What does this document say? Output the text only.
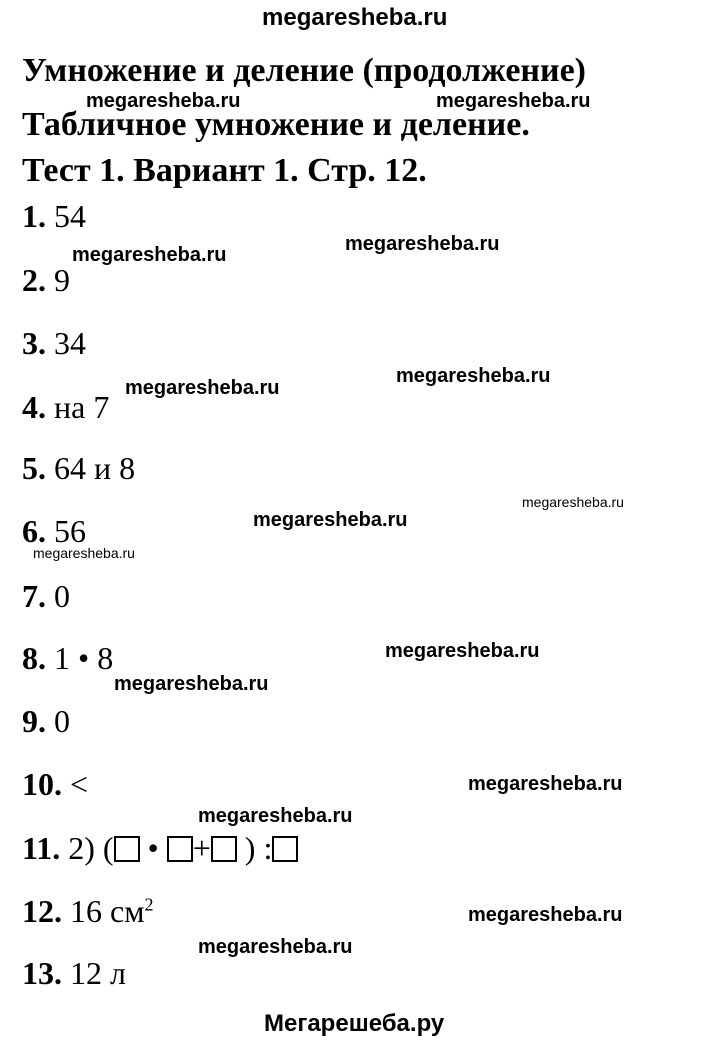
megaresheba.ru
Умножение и деление (продолжение)
Табличное умножение и деление.
Тест 1. Вариант 1. Стр. 12.
1. 54
2. 9
3. 34
4. на 7
5. 64 и 8
6. 56
7. 0
8. 1 • 8
9. 0
10. <
11. 2) ( • + ) :
12. 16 $см^2$
13. 12 л
megaresheba.ru	megaresheba.ru
megaresheba.ru	megaresheba.ru
megaresheba.ru
megaresheba.ru
megaresheba.ru
megaresheba.ru
megaresheba.ru
megaresheba.ru
megaresheba.ru
megaresheba.ru
megaresheba.ru
megaresheba.ru
megaresheba.ru
Мегарешеба.ру
